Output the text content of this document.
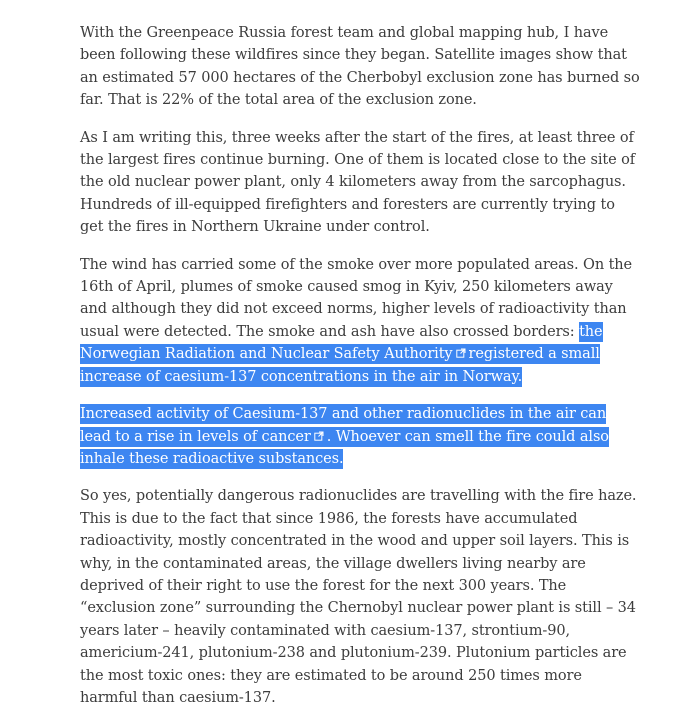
With the Greenpeace Russia forest team and global mapping hub, I have been following these wildfires since they began. Satellite images show that an estimated 57 000 hectares of the Cherbobyl exclusion zone has burned so far. That is 22% of the total area of the exclusion zone.

As I am writing this, three weeks after the start of the fires, at least three of the largest fires continue burning. One of them is located close to the site of the old nuclear power plant, only 4 kilometers away from the sarcophagus. Hundreds of ill-equipped firefighters and foresters are currently trying to get the fires in Northern Ukraine under control.

The wind has carried some of the smoke over more populated areas. On the 16th of April, plumes of smoke caused smog in Kyiv, 250 kilometers away and although they did not exceed norms, higher levels of radioactivity than usual were detected. The smoke and ash have also crossed borders: the Norwegian Radiation and Nuclear Safety Authority registered a small increase of caesium-137 concentrations in the air in Norway.

Increased activity of Caesium-137 and other radionuclides in the air can lead to a rise in levels of cancer . Whoever can smell the fire could also inhale these radioactive substances.

So yes, potentially dangerous radionuclides are travelling with the fire haze. This is due to the fact that since 1986, the forests have accumulated radioactivity, mostly concentrated in the wood and upper soil layers. This is why, in the contaminated areas, the village dwellers living nearby are deprived of their right to use the forest for the next 300 years. The “exclusion zone” surrounding the Chernobyl nuclear power plant is still – 34 years later – heavily contaminated with caesium-137, strontium-90, americium-241, plutonium-238 and plutonium-239. Plutonium particles are the most toxic ones: they are estimated to be around 250 times more harmful than caesium-137.
